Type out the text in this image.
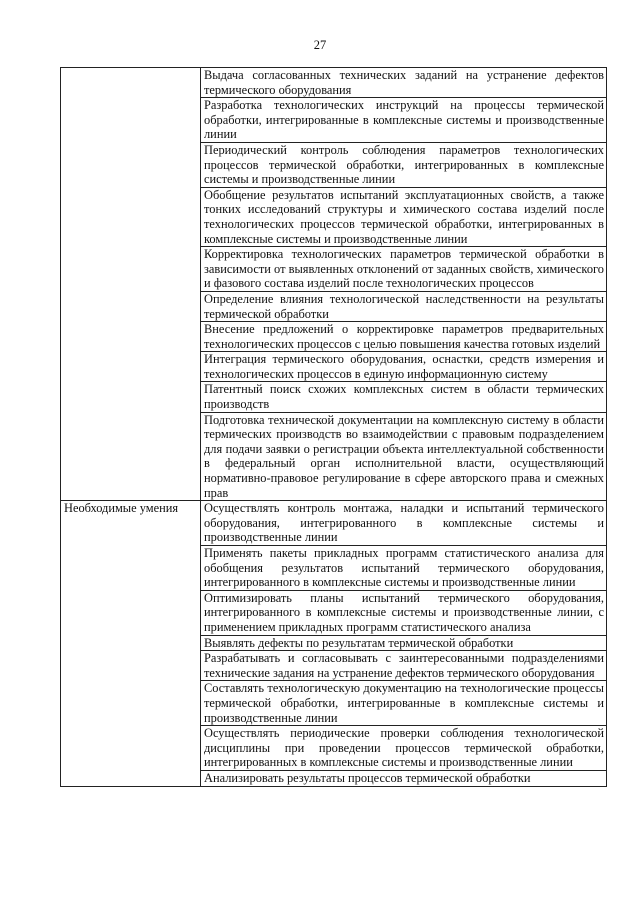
27
	Выдача согласованных технических заданий на устранение дефектов термического оборудования
	Разработка технологических инструкций на процессы термической обработки, интегрированные в комплексные системы и производственные линии
	Периодический контроль соблюдения параметров технологических процессов термической обработки, интегрированных в комплексные системы и производственные линии
	Обобщение результатов испытаний эксплуатационных свойств, а также тонких исследований структуры и химического состава изделий после технологических процессов термической обработки, интегрированных в комплексные системы и производственные линии
	Корректировка технологических параметров термической обработки в зависимости от выявленных отклонений от заданных свойств, химического и фазового состава изделий после технологических процессов
	Определение влияния технологической наследственности на результаты термической обработки
	Внесение предложений о корректировке параметров предварительных технологических процессов с целью повышения качества готовых изделий
	Интеграция термического оборудования, оснастки, средств измерения и технологических процессов в единую информационную систему
	Патентный поиск схожих комплексных систем в области термических производств
	Подготовка технической документации на комплексную систему в области термических производств во взаимодействии с правовым подразделением для подачи заявки о регистрации объекта интеллектуальной собственности в федеральный орган исполнительной власти, осуществляющий нормативно-правовое регулирование в сфере авторского права и смежных прав
Необходимые умения	Осуществлять контроль монтажа, наладки и испытаний термического оборудования, интегрированного в комплексные системы и производственные линии
	Применять пакеты прикладных программ статистического анализа для обобщения результатов испытаний термического оборудования, интегрированного в комплексные системы и производственные линии
	Оптимизировать планы испытаний термического оборудования, интегрированного в комплексные системы и производственные линии, с применением прикладных программ статистического анализа
	Выявлять дефекты по результатам термической обработки
	Разрабатывать и согласовывать с заинтересованными подразделениями технические задания на устранение дефектов термического оборудования
	Составлять технологическую документацию на технологические процессы термической обработки, интегрированные в комплексные системы и производственные линии
	Осуществлять периодические проверки соблюдения технологической дисциплины при проведении процессов термической обработки, интегрированных в комплексные системы и производственные линии
	Анализировать результаты процессов термической обработки
